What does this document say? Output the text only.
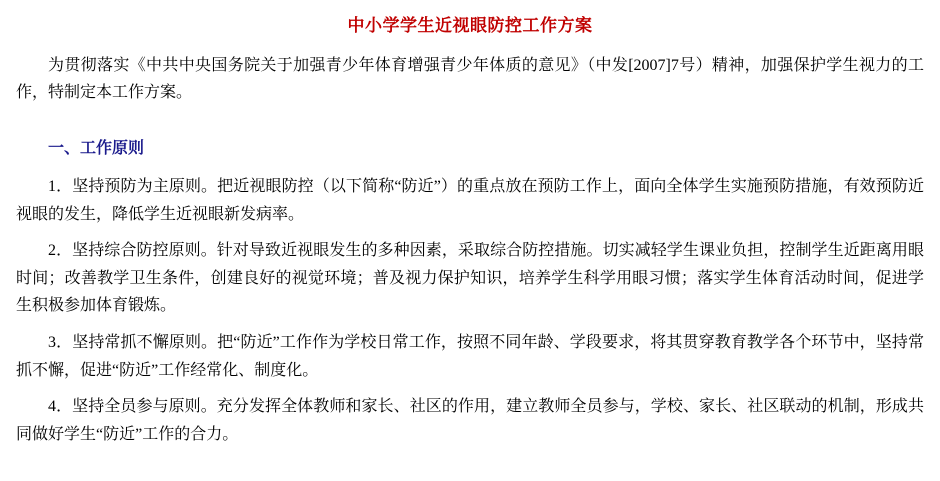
中小学学生近视眼防控工作方案

为贯彻落实《中共中央国务院关于加强青少年体育增强青少年体质的意见》（中发[2007]7号）精神，加强保护学生视力的工作，特制定本工作方案。

一、工作原则

1．坚持预防为主原则。把近视眼防控（以下简称“防近”）的重点放在预防工作上，面向全体学生实施预防措施，有效预防近视眼的发生，降低学生近视眼新发病率。

2．坚持综合防控原则。针对导致近视眼发生的多种因素，采取综合防控措施。切实减轻学生课业负担，控制学生近距离用眼时间；改善教学卫生条件，创建良好的视觉环境；普及视力保护知识，培养学生科学用眼习惯；落实学生体育活动时间，促进学生积极参加体育锻炼。

3．坚持常抓不懈原则。把“防近”工作作为学校日常工作，按照不同年龄、学段要求，将其贯穿教育教学各个环节中，坚持常抓不懈，促进“防近”工作经常化、制度化。

4．坚持全员参与原则。充分发挥全体教师和家长、社区的作用，建立教师全员参与，学校、家长、社区联动的机制，形成共同做好学生“防近”工作的合力。
